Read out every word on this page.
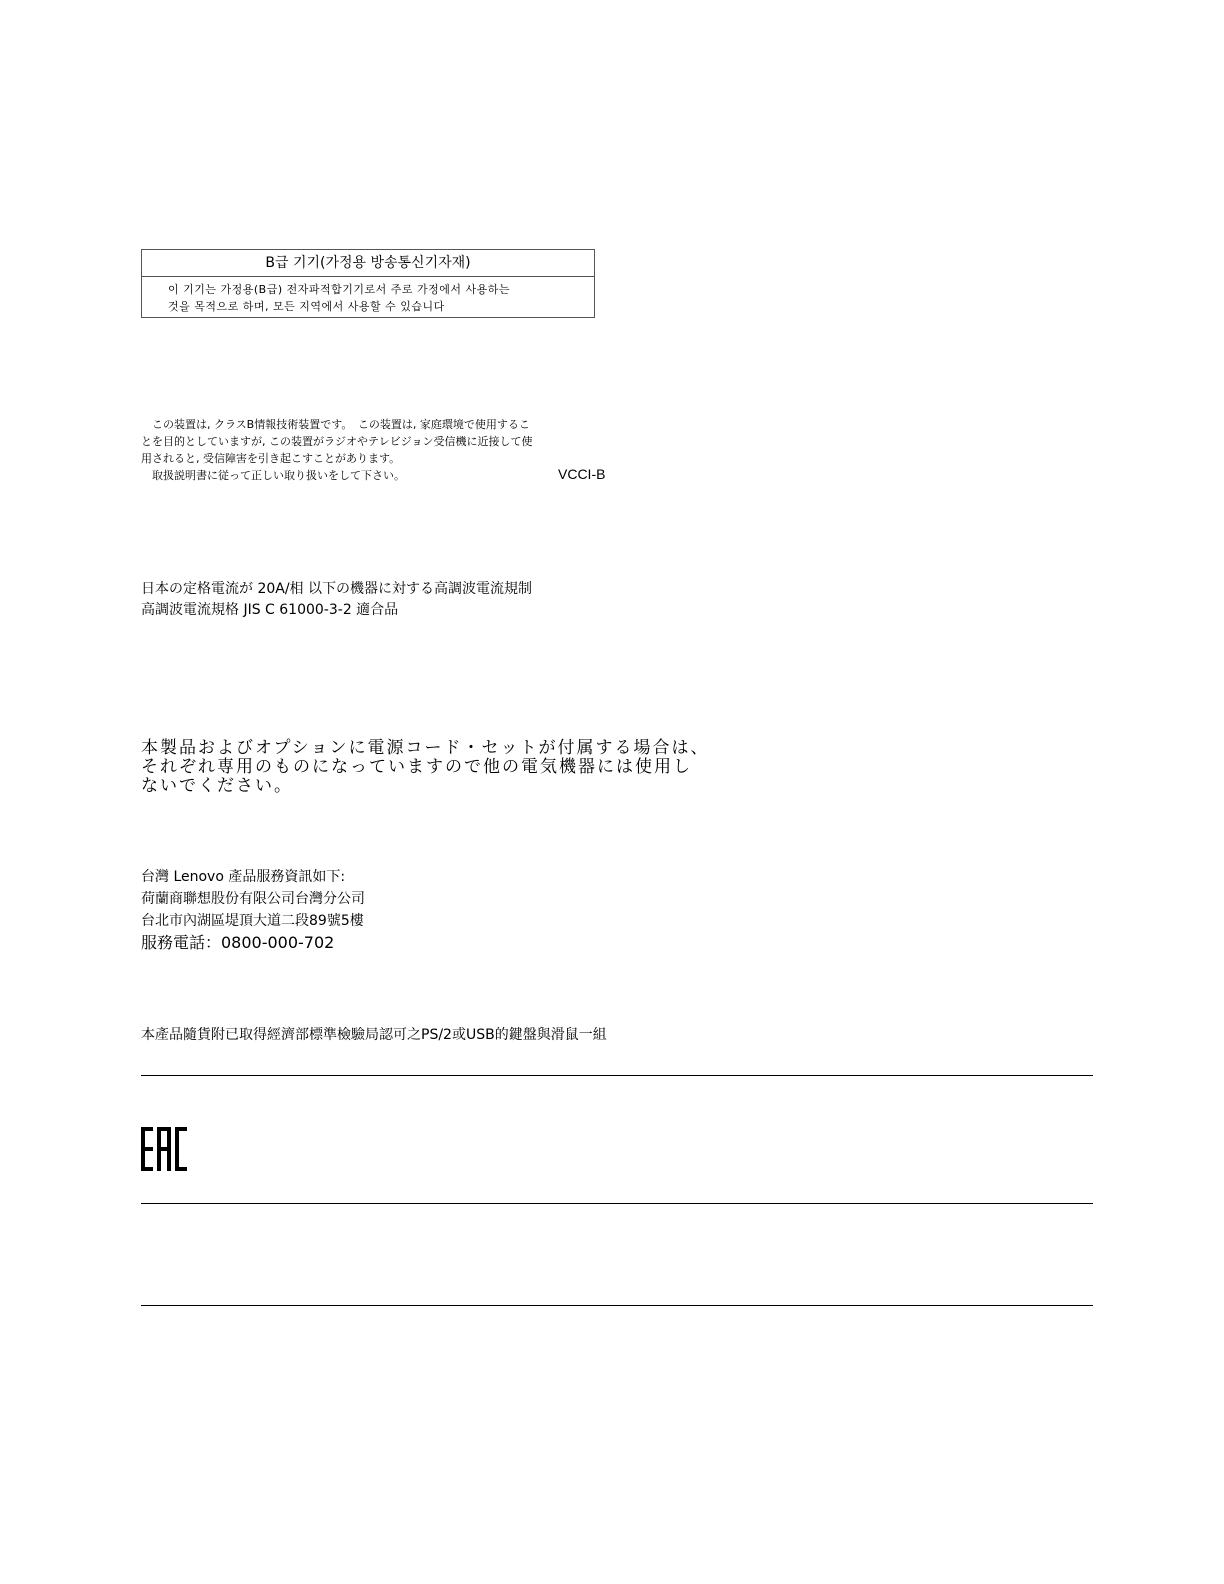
B급 기기(가정용 방송통신기자재)
이 기기는 가정용(B급) 전자파적합기기로서 주로 가정에서 사용하는
것을 목적으로 하며, 모든 지역에서 사용할 수 있습니다
　この装置は, クラスB情報技術装置です。　この装置は, 家庭環境で使用するこ
とを目的としていますが, この装置がラジオやテレビジョン受信機に近接して使
用されると, 受信障害を引き起こすことがあります。
　取扱説明書に従って正しい取り扱いをして下さい。	VCCI-B
日本の定格電流が 20A/相 以下の機器に対する高調波電流規制
高調波電流規格 JIS C 61000-3-2 適合品
本製品およびオプションに電源コード・セットが付属する場合は、
それぞれ専用のものになっていますので他の電気機器には使用し
ないでください。
台灣 Lenovo 產品服務資訊如下:
荷蘭商聯想股份有限公司台灣分公司
台北市內湖區堤頂大道二段89號5樓
服務電話：0800-000-702
本產品隨貨附已取得經濟部標準檢驗局認可之PS/2或USB的鍵盤與滑鼠一組
